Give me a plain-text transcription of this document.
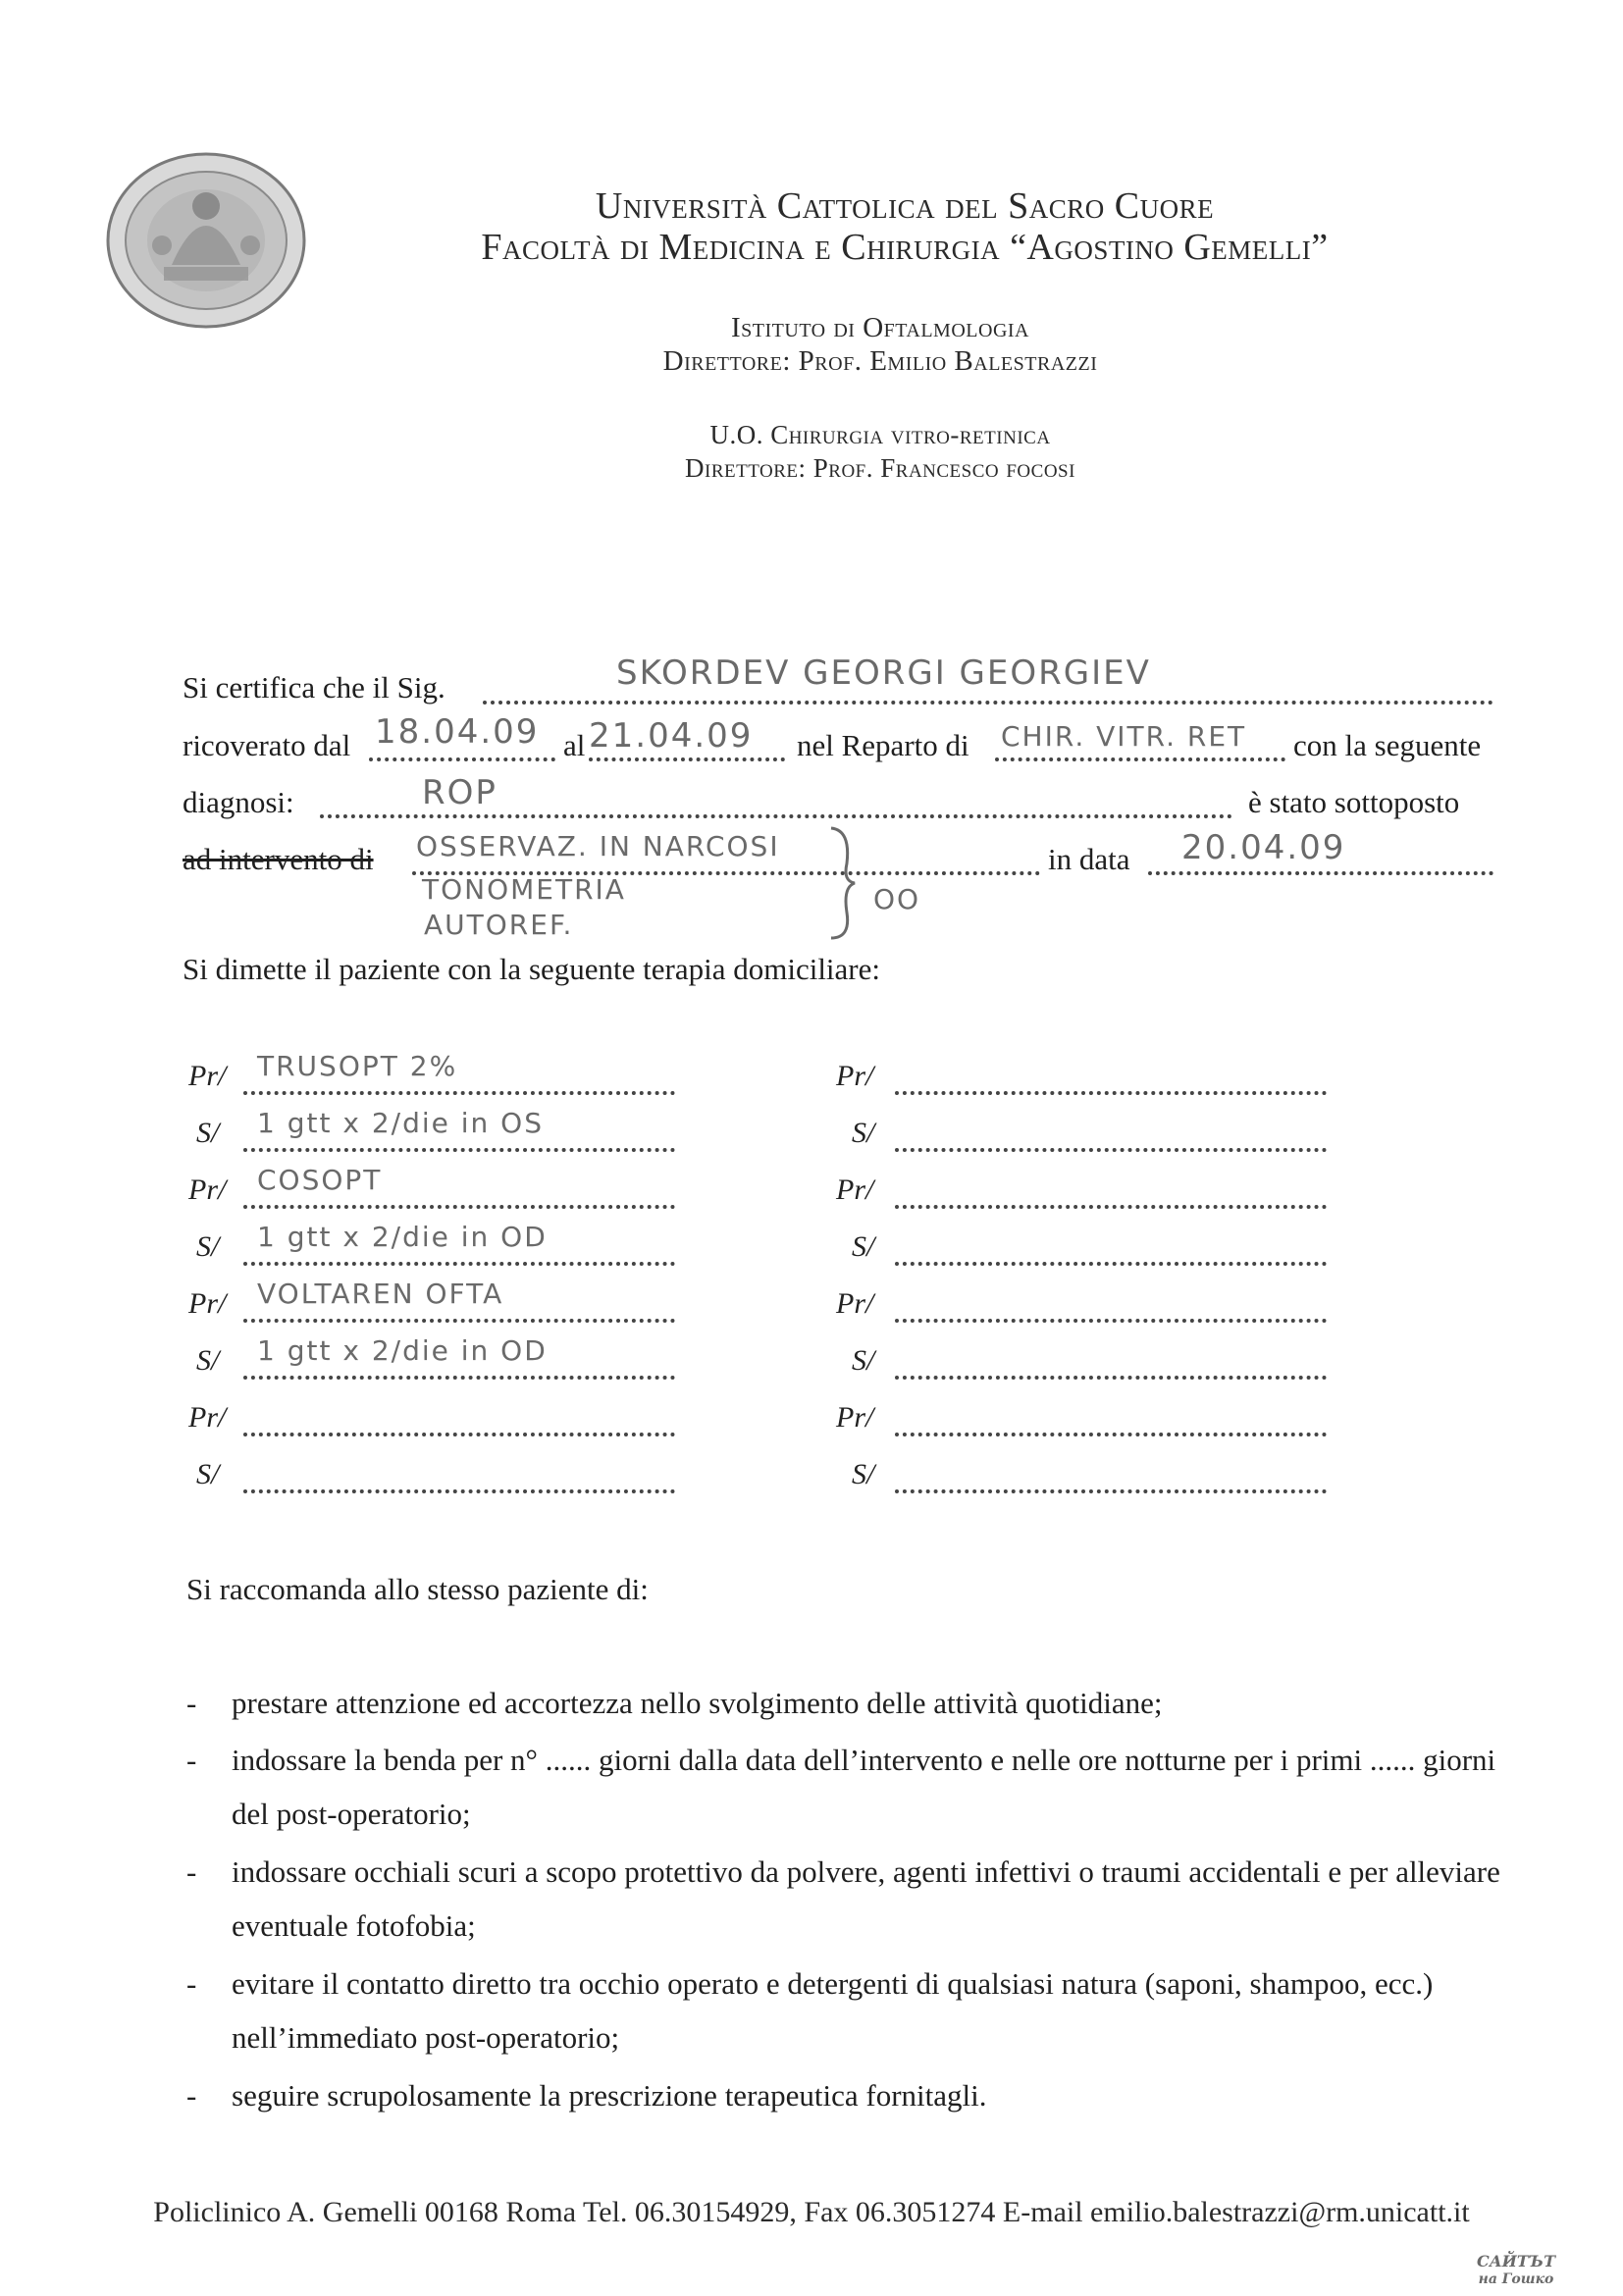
Università Cattolica del Sacro Cuore
Facoltà di Medicina e Chirurgia “Agostino Gemelli”
Istituto di Oftalmologia
Direttore: Prof. Emilio Balestrazzi
U.O. Chirurgia vitro-retinica
Direttore: Prof. Francesco focosi
Si certifica che il Sig.	SKORDEV GEORGI GEORGIEV
ricoverato dal 18.04.09 al 21.04.09 nel Reparto di CHIR. VITR. RET con la seguente
diagnosi:	ROP	è stato sottoposto
ad intervento di OSSERVAZ. IN NARCOSI
TONOMETRIA
AUTOREF.
OO
in data 20.04.09
Si dimette il paziente con la seguente terapia domiciliare:
Pr/ TRUSOPT 2%
S/ 1 gtt x 2/die in OS
Pr/ COSOPT
S/ 1 gtt x 2/die in OD
Pr/ VOLTAREN OFTA
S/ 1 gtt x 2/die in OD
Pr/
S/
Pr/
S/
Pr/
S/
Pr/
S/
Pr/
S/
Si raccomanda allo stesso paziente di:
- prestare attenzione ed accortezza nello svolgimento delle attività quotidiane;
- indossare la benda per n° ...... giorni dalla data dell’intervento e nelle ore notturne per i primi ...... giorni del post-operatorio;
- indossare occhiali scuri a scopo protettivo da polvere, agenti infettivi o traumi accidentali e per alleviare eventuale fotofobia;
- evitare il contatto diretto tra occhio operato e detergenti di qualsiasi natura (saponi, shampoo, ecc.) nell’immediato post-operatorio;
- seguire scrupolosamente la prescrizione terapeutica fornitagli.
Policlinico A. Gemelli 00168 Roma Tel. 06.30154929, Fax 06.3051274 E-mail emilio.balestrazzi@rm.unicatt.it
САЙТЪТ
на Гошко
